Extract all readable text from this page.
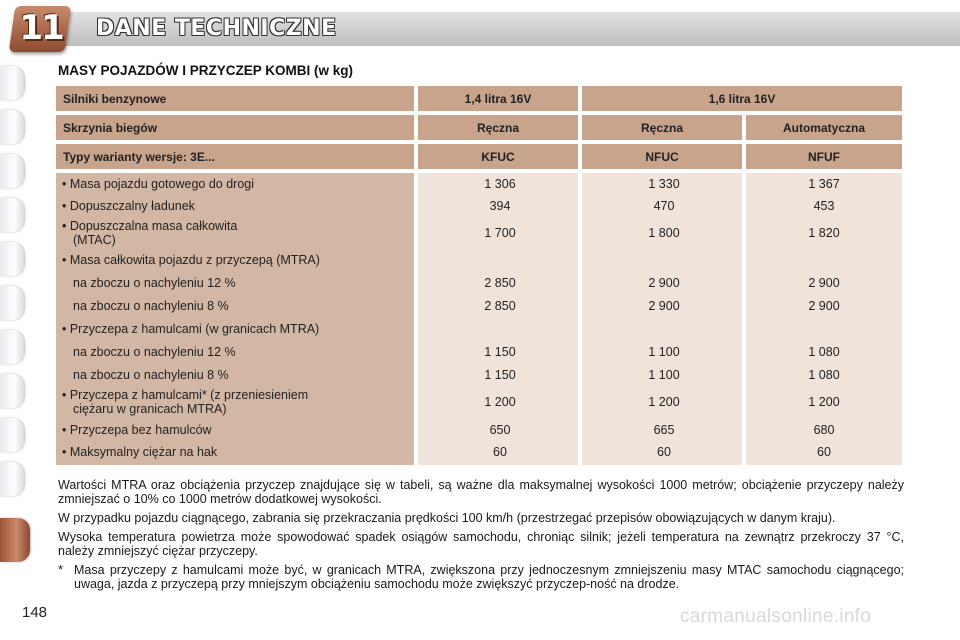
11 DANE TECHNICZNE
MASY POJAZDÓW I PRZYCZEP KOMBI (w kg)
Silniki benzynowe	1,4 litra 16V	1,6 litra 16V
Skrzynia biegów	Ręczna	Ręczna	Automatyczna
Typy warianty wersje: 3E...	KFUC	NFUC	NFUF
• Masa pojazdu gotowego do drogi	1 306	1 330	1 367
• Dopuszczalny ładunek	394	470	453
• Dopuszczalna masa całkowita
(MTAC)	1 700	1 800	1 820
• Masa całkowita pojazdu z przyczepą (MTRA)
na zboczu o nachyleniu 12 %	2 850	2 900	2 900
na zboczu o nachyleniu 8 %	2 850	2 900	2 900
• Przyczepa z hamulcami (w granicach MTRA)
na zboczu o nachyleniu 12 %	1 150	1 100	1 080
na zboczu o nachyleniu 8 %	1 150	1 100	1 080
• Przyczepa z hamulcami* (z przeniesieniem
ciężaru w granicach MTRA)	1 200	1 200	1 200
• Przyczepa bez hamulców	650	665	680
• Maksymalny ciężar na hak	60	60	60

Wartości MTRA oraz obciążenia przyczep znajdujące się w tabeli, są ważne dla maksymalnej wysokości 1000 metrów; obciążenie przyczepy należy zmniejszać o 10% co 1000 metrów dodatkowej wysokości.

W przypadku pojazdu ciągnącego, zabrania się przekraczania prędkości 100 km/h (przestrzegać przepisów obowiązujących w danym kraju).

Wysoka temperatura powietrza może spowodować spadek osiągów samochodu, chroniąc silnik; jeżeli temperatura na zewnątrz przekroczy 37 °C, należy zmniejszyć ciężar przyczepy.

* Masa przyczepy z hamulcami może być, w granicach MTRA, zwiększona przy jednoczesnym zmniejszeniu masy MTAC samochodu ciągnącego; uwaga, jazda z przyczepą przy mniejszym obciążeniu samochodu może zwiększyć przyczep-ność na drodze.
148	carmanualsonline.info
